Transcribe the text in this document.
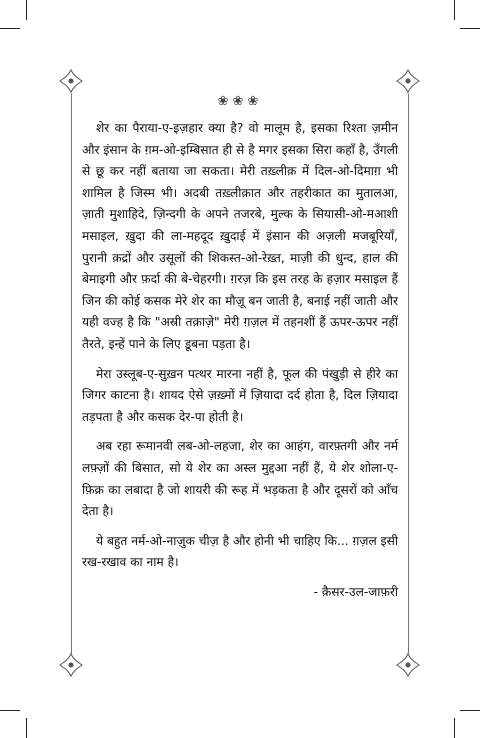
❀❀❀

शेर का पैराया-ए-इज़हार क्या है? वो मालूम है, इसका रिश्ता ज़मीन और इंसान के ग़म-ओ-इम्बिसात ही से है मगर इसका सिरा कहाँ है, उँगली से छू कर नहीं बताया जा सकता। मेरी तख़्लीक़ में दिल-ओ-दिमाग़ भी शामिल है जिस्म भी। अदबी तख़्लीक़ात और तहरीकात का मुतालआ, ज़ाती मुशाहिदे, ज़िन्दगी के अपने तजरबे, मुल्क के सियासी-ओ-मआशी मसाइल, ख़ुदा की ला-महदूद ख़ुदाई में इंसान की अज़ली मजबूरियाँ, पुरानी क़द्रों और उसूलों की शिकस्त-ओ-रेख़्त, माज़ी की धुन्द, हाल की बेमाइगी और फ़र्दा की बे-चेहरगी। ग़रज़ कि इस तरह के हज़ार मसाइल हैं जिन की कोई कसक मेरे शेर का मौज़ू बन जाती है, बनाई नहीं जाती और यही वज्ह है कि "अस्री तक़ाज़े" मेरी ग़ज़ल में तहनशीं हैं ऊपर-ऊपर नहीं तैरते, इन्हें पाने के लिए डूबना पड़ता है।

मेरा उस्लूब-ए-सुख़न पत्थर मारना नहीं है, फूल की पंखुड़ी से हीरे का जिगर काटना है। शायद ऐसे ज़ख़्मों में ज़ियादा दर्द होता है, दिल ज़ियादा तड़पता है और कसक देर-पा होती है।

अब रहा रूमानवी लब-ओ-लहजा, शेर का आहंग, वारफ़्तगी और नर्म लफ़्ज़ों की बिसात, सो ये शेर का अस्ल मुद्दआ नहीं हैं, ये शेर शोला-ए-फ़िक्र का लबादा है जो शायरी की रूह में भड़कता है और दूसरों को आँच देता है।

ये बहुत नर्म-ओ-नाज़ुक चीज़ है और होनी भी चाहिए कि... ग़ज़ल इसी रख-रखाव का नाम है।

- क़ैसर-उल-जाफ़री
